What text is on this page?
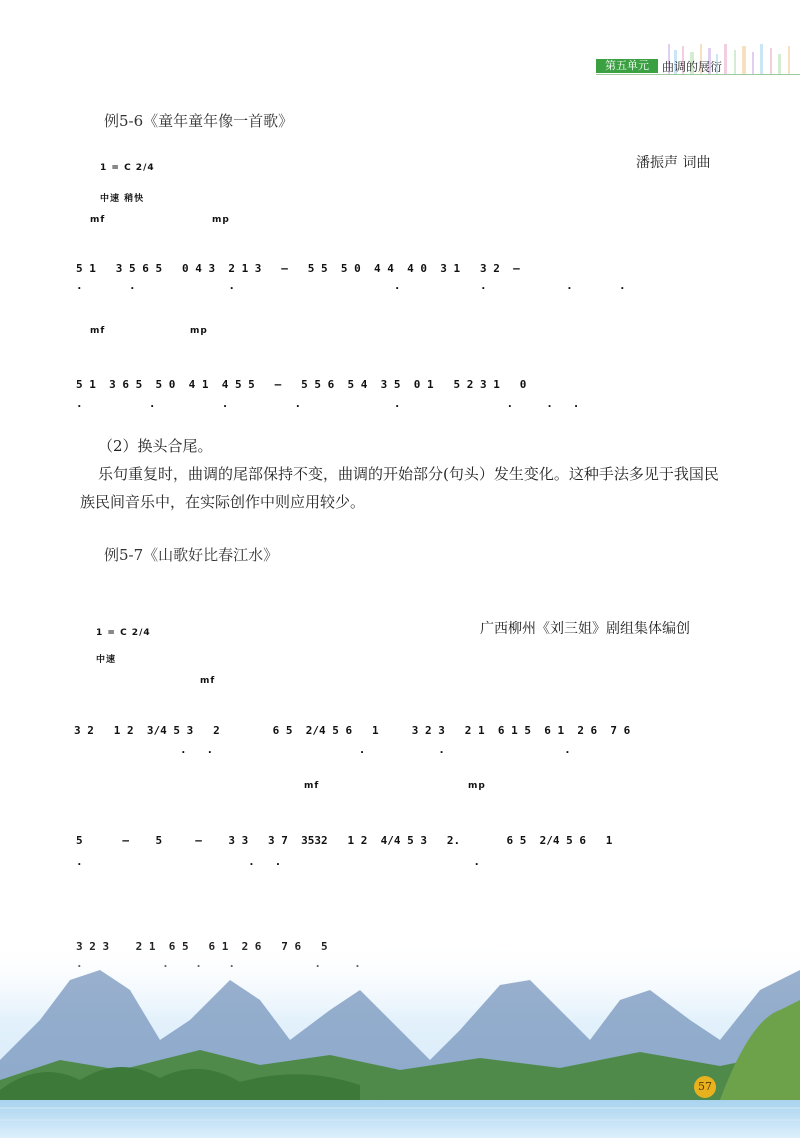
第五单元	曲调的展衍
例5-6《童年童年像一首歌》
潘振声 词曲
1 = C 2/4
中速 稍快
mf	mp
5 1   3 5 6 5   0 4 3  2 1 3   –   5 5  5 0  4 4  4 0  3 1   3 2  –
·       ·              ·                        ·            ·            ·       ·
mf	mp
5 1  3 6 5  5 0  4 1  4 5 5   –   5 5 6  5 4  3 5  0 1   5 2 3 1   0
·          ·          ·          ·              ·                ·     ·   ·
（2）换头合尾。
乐句重复时，曲调的尾部保持不变，曲调的开始部分(句头）发生变化。这种手法多见于我国民族民间音乐中，在实际创作中则应用较少。
例5-7《山歌好比春江水》
广西柳州《刘三姐》剧组集体编创
1 = C 2/4
中速
mf
3 2   1 2  3/4 5 3   2        6 5  2/4 5 6   1     3 2 3   2 1  6 1 5  6 1  2 6  7 6
·   ·                      ·           ·                  ·
mf	mp
5      –    5     –    3 3   3 7  3532   1 2  4/4 5 3   2.       6 5  2/4 5 6   1
·                         ·   ·                             ·
57
